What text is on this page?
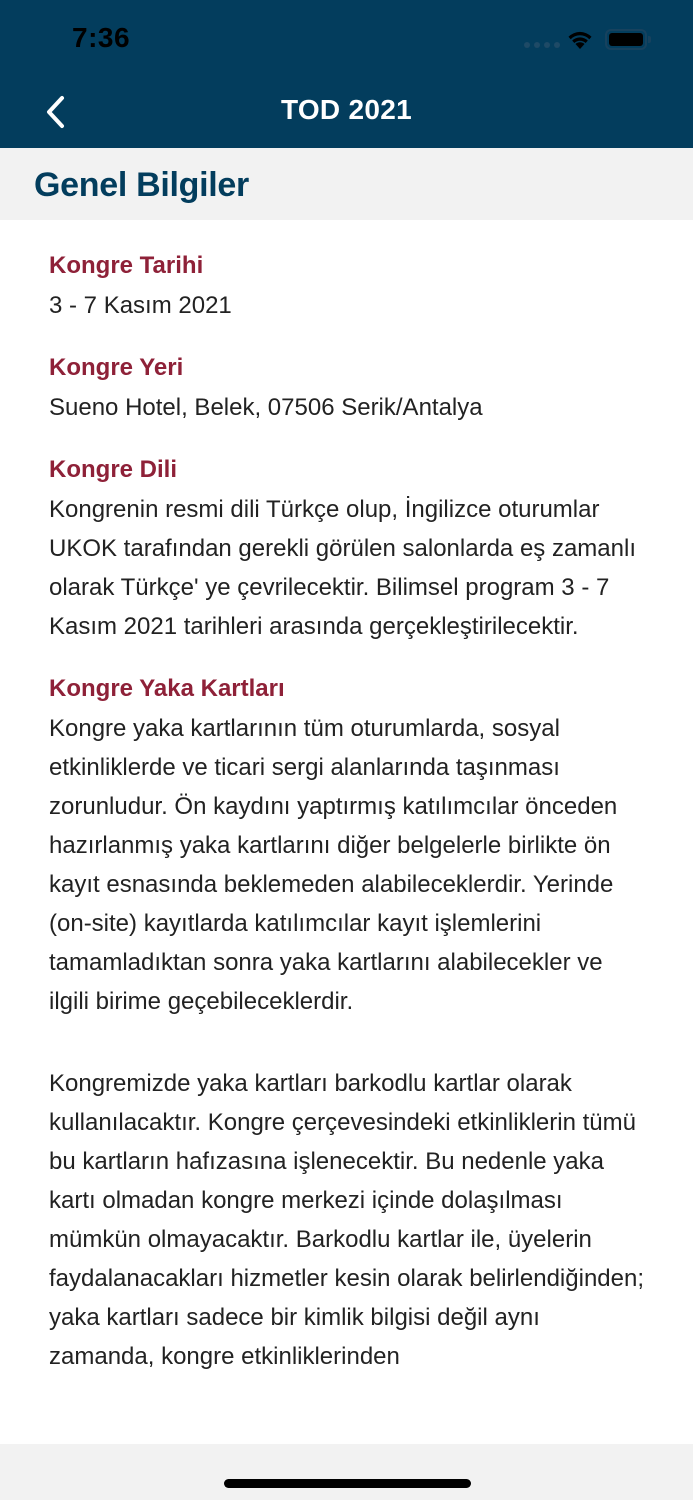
7:36
TOD 2021
Genel Bilgiler
Kongre Tarihi
3 - 7 Kasım 2021
Kongre Yeri
Sueno Hotel, Belek, 07506 Serik/Antalya
Kongre Dili
Kongrenin resmi dili Türkçe olup, İngilizce oturumlar UKOK tarafından gerekli görülen salonlarda eş zamanlı olarak Türkçe' ye çevrilecektir. Bilimsel program 3 - 7 Kasım 2021 tarihleri arasında gerçekleştirilecektir.
Kongre Yaka Kartları
Kongre yaka kartlarının tüm oturumlarda, sosyal etkinliklerde ve ticari sergi alanlarında taşınması zorunludur. Ön kaydını yaptırmış katılımcılar önceden hazırlanmış yaka kartlarını diğer belgelerle birlikte ön kayıt esnasında beklemeden alabileceklerdir. Yerinde (on-site) kayıtlarda katılımcılar kayıt işlemlerini tamamladıktan sonra yaka kartlarını alabilecekler ve ilgili birime geçebileceklerdir.
Kongremizde yaka kartları barkodlu kartlar olarak kullanılacaktır. Kongre çerçevesindeki etkinliklerin tümü bu kartların hafızasına işlenecektir. Bu nedenle yaka kartı olmadan kongre merkezi içinde dolaşılması mümkün olmayacaktır. Barkodlu kartlar ile, üyelerin faydalanacakları hizmetler kesin olarak belirlendiğinden; yaka kartları sadece bir kimlik bilgisi değil aynı zamanda, kongre etkinliklerinden
